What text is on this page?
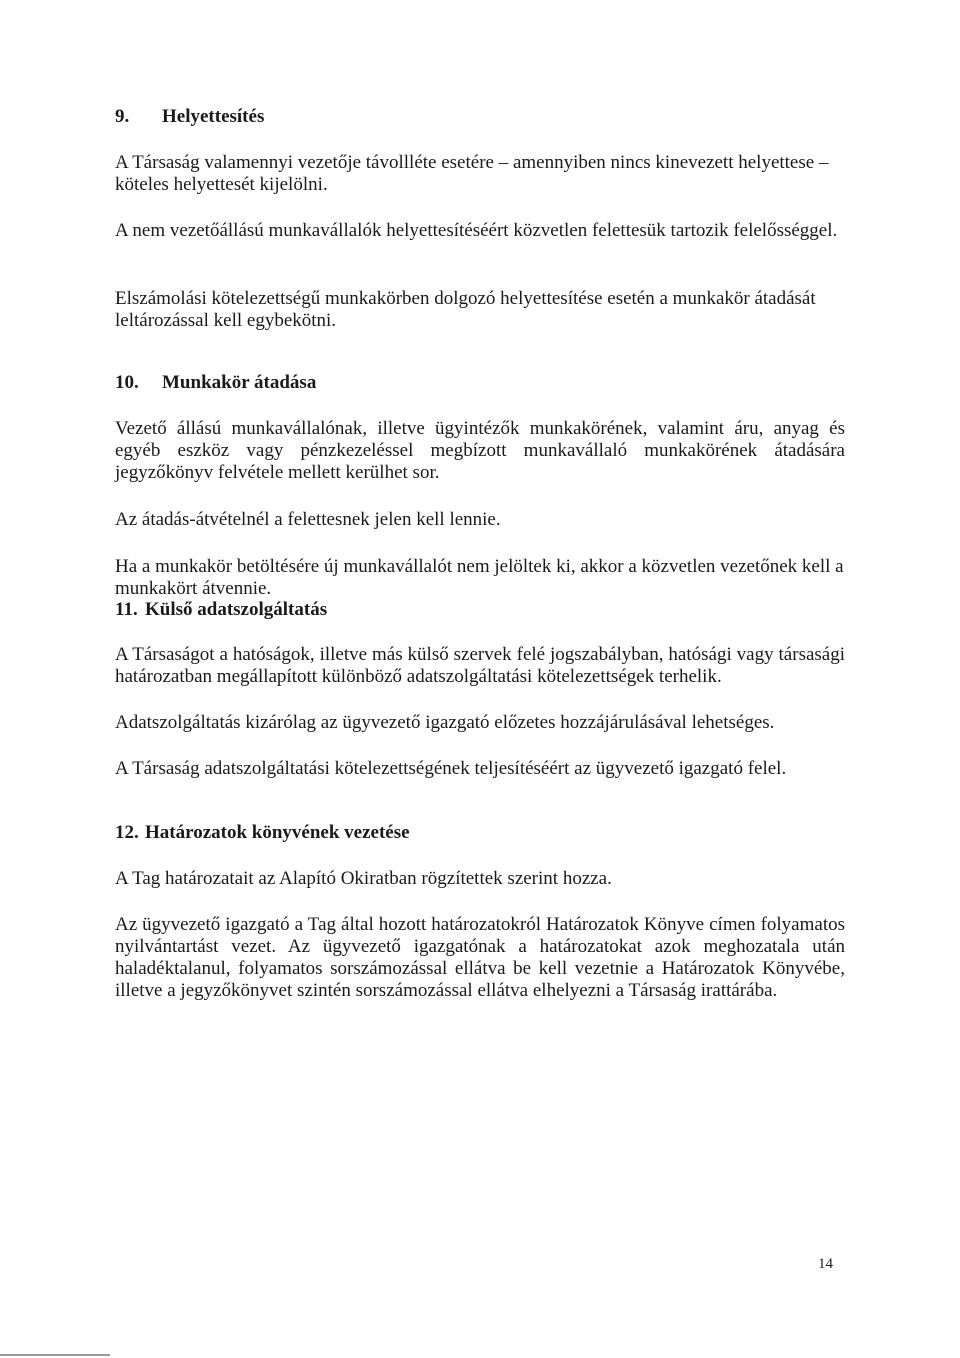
9. Helyettesítés

A Társaság valamennyi vezetője távollléte esetére – amennyiben nincs kinevezett helyettese – köteles helyettesét kijelölni.

A nem vezetőállású munkavállalók helyettesítéséért közvetlen felettesük tartozik felelősséggel.

Elszámolási kötelezettségű munkakörben dolgozó helyettesítése esetén a munkakör átadását leltározással kell egybekötni.

10. Munkakör átadása

Vezető állású munkavállalónak, illetve ügyintézők munkakörének, valamint áru, anyag és egyéb eszköz vagy pénzkezeléssel megbízott munkavállaló munkakörének átadására jegyzőkönyv felvétele mellett kerülhet sor.

Az átadás-átvételnél a felettesnek jelen kell lennie.

Ha a munkakör betöltésére új munkavállalót nem jelöltek ki, akkor a közvetlen vezetőnek kell a munkakört átvennie.

11. Külső adatszolgáltatás

A Társaságot a hatóságok, illetve más külső szervek felé jogszabályban, hatósági vagy társasági határozatban megállapított különböző adatszolgáltatási kötelezettségek terhelik.

Adatszolgáltatás kizárólag az ügyvezető igazgató előzetes hozzájárulásával lehetséges.

A Társaság adatszolgáltatási kötelezettségének teljesítéséért az ügyvezető igazgató felel.

12. Határozatok könyvének vezetése

A Tag határozatait az Alapító Okiratban rögzítettek szerint hozza.

Az ügyvezető igazgató a Tag által hozott határozatokról Határozatok Könyve címen folyamatos nyilvántartást vezet. Az ügyvezető igazgatónak a határozatokat azok meghozatala után haladéktalanul, folyamatos sorszámozással ellátva be kell vezetnie a Határozatok Könyvébe, illetve a jegyzőkönyvet szintén sorszámozással ellátva elhelyezni a Társaság irattárába.

14
